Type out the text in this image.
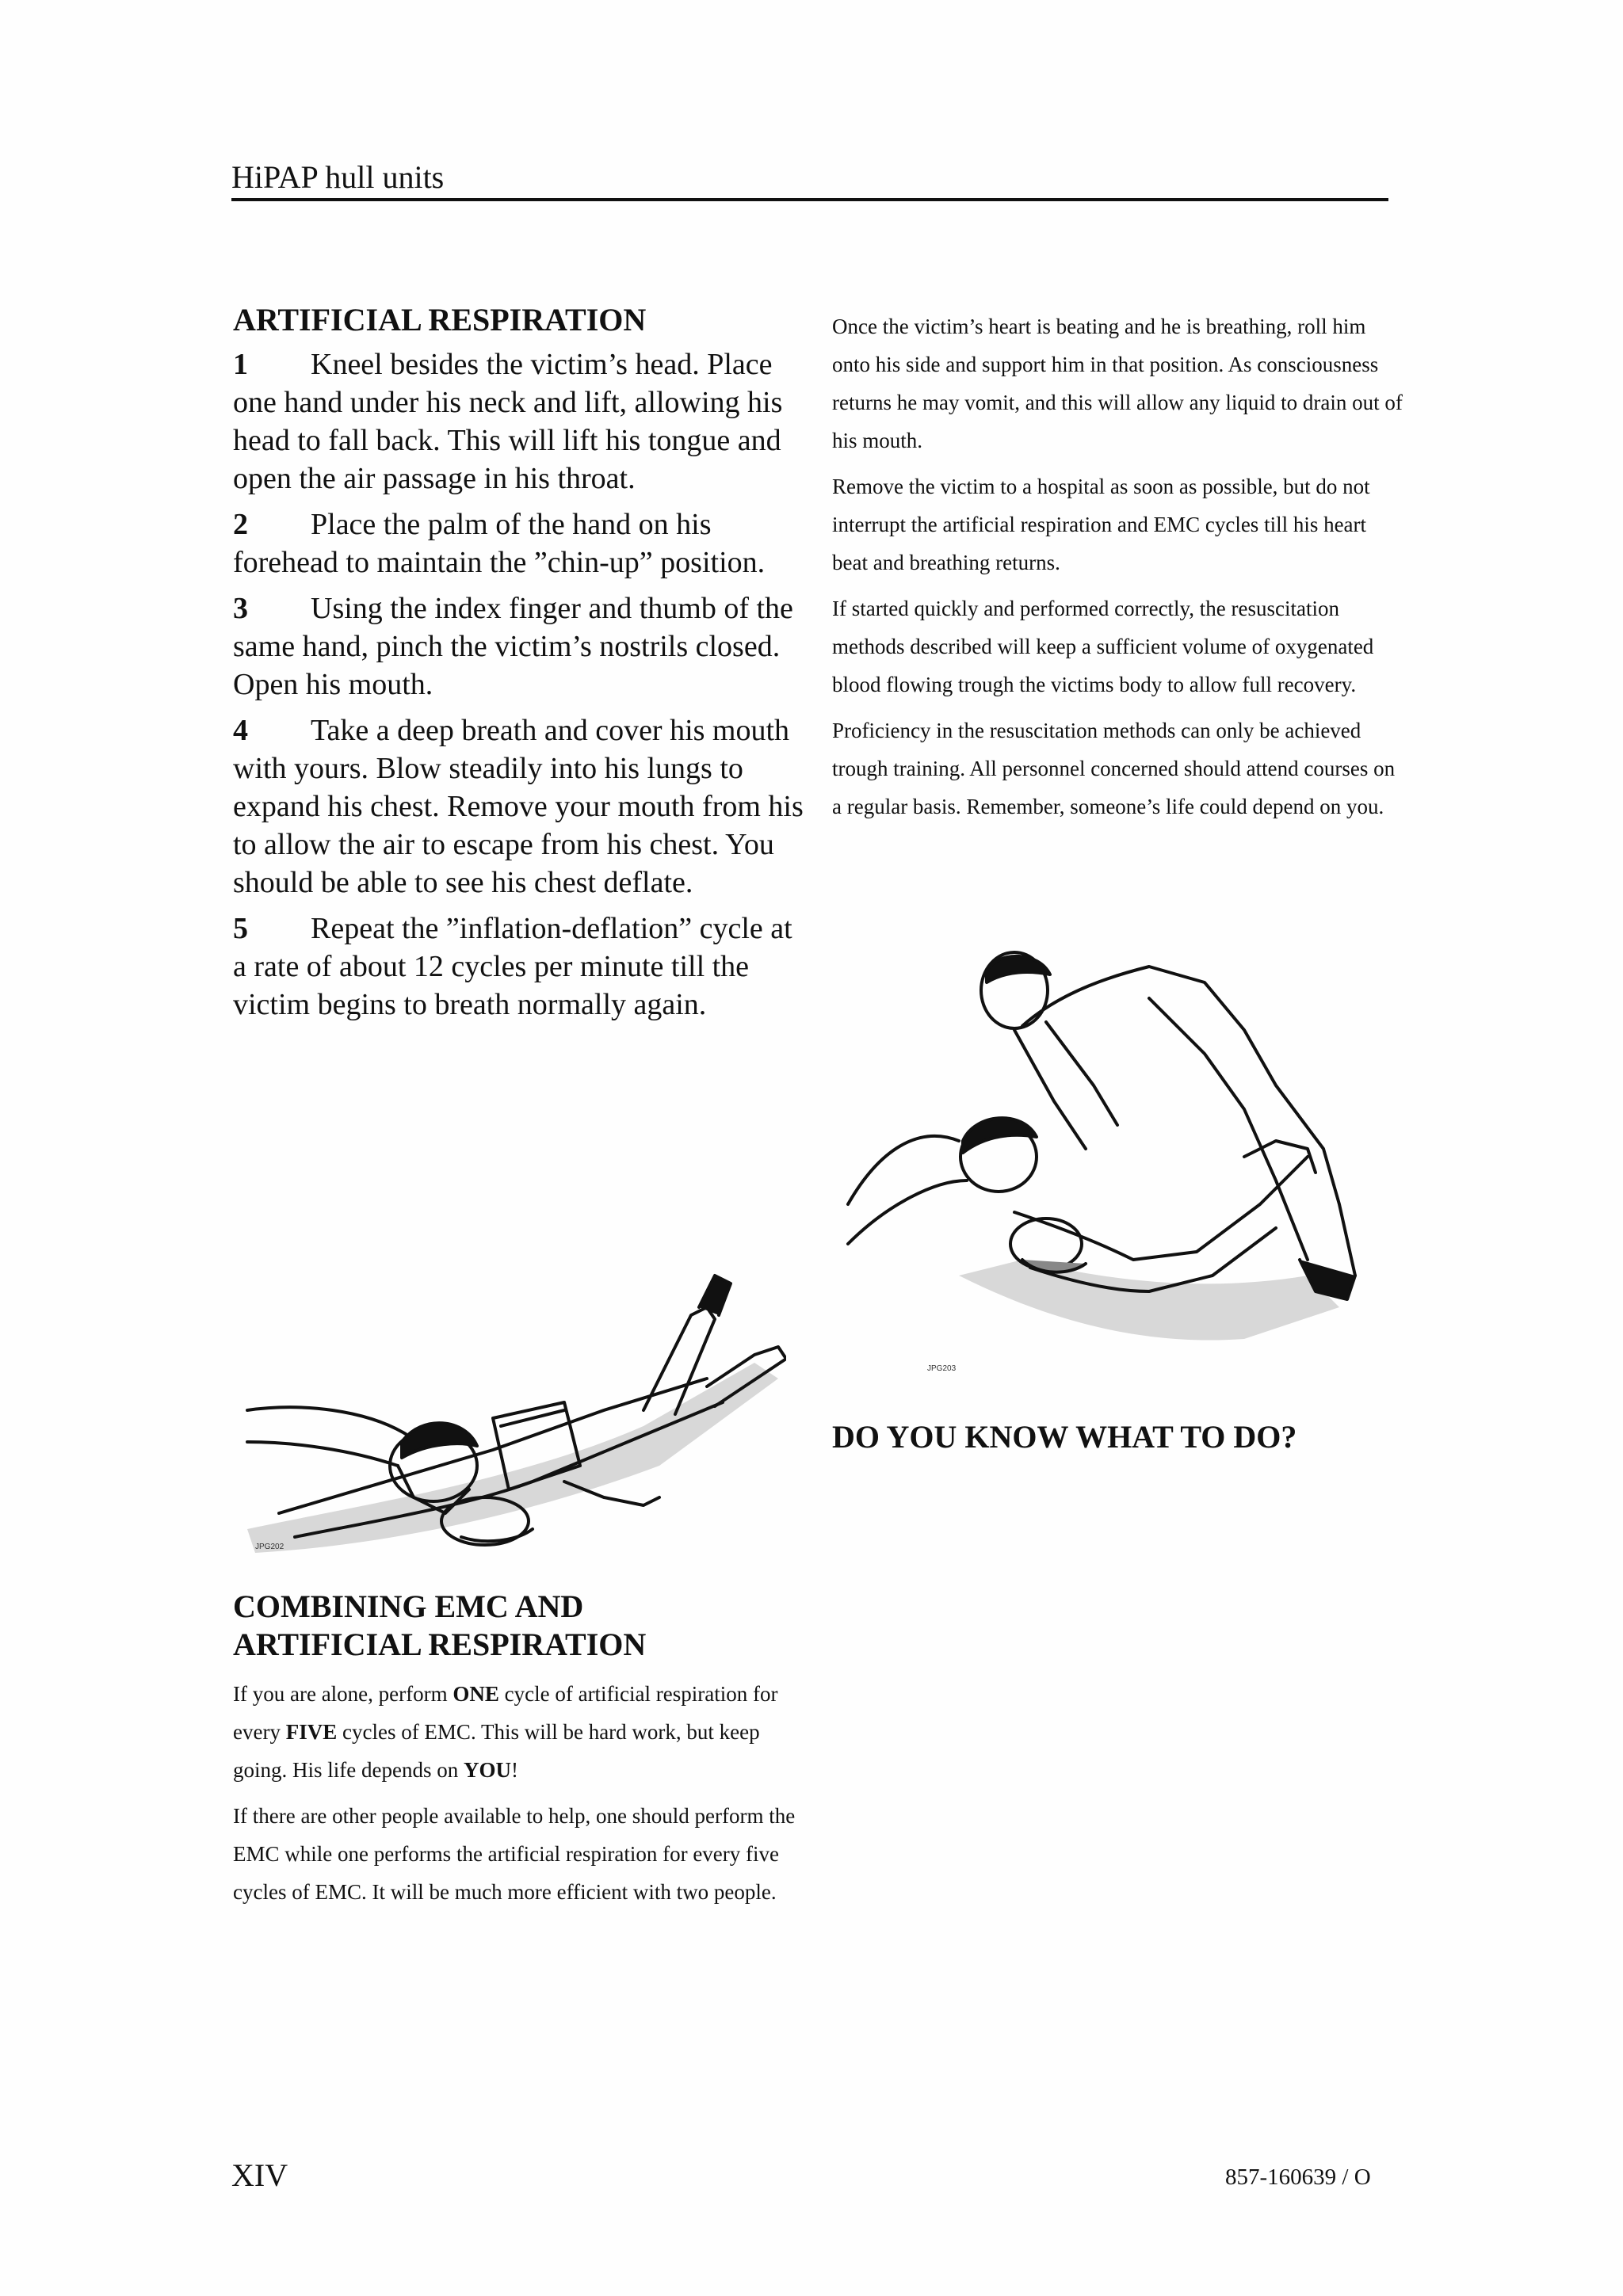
HiPAP hull units
ARTIFICIAL RESPIRATION

1 Kneel besides the victim’s head. Place one hand under his neck and lift, allowing his head to fall back. This will lift his tongue and open the air passage in his throat.

2 Place the palm of the hand on his forehead to maintain the ”chin-up” position.

3 Using the index finger and thumb of the same hand, pinch the victim’s nostrils closed. Open his mouth.

4 Take a deep breath and cover his mouth with yours. Blow steadily into his lungs to expand his chest. Remove your mouth from his to allow the air to escape from his chest. You should be able to see his chest deflate.

5 Repeat the ”inflation-deflation” cycle at a rate of about 12 cycles per minute till the victim begins to breath normally again.

Once the victim’s heart is beating and he is breathing, roll him onto his side and support him in that position. As consciousness returns he may vomit, and this will allow any liquid to drain out of his mouth.

Remove the victim to a hospital as soon as possible, but do not interrupt the artificial respiration and EMC cycles till his heart beat and breathing returns.

If started quickly and performed correctly, the resuscitation methods described will keep a sufficient volume of oxygenated blood flowing trough the victims body to allow full recovery.

Proficiency in the resuscitation methods can only be achieved trough training. All personnel concerned should attend courses on a regular basis. Remember, someone’s life could depend on you.

JPG202
JPG203
DO YOU KNOW WHAT TO DO?
COMBINING EMC AND
ARTIFICIAL RESPIRATION

If you are alone, perform ONE cycle of artificial respiration for every FIVE cycles of EMC. This will be hard work, but keep going. His life depends on YOU!

If there are other people available to help, one should perform the EMC while one performs the artificial respiration for every five cycles of EMC. It will be much more efficient with two people.

XIV	857-160639 / O
